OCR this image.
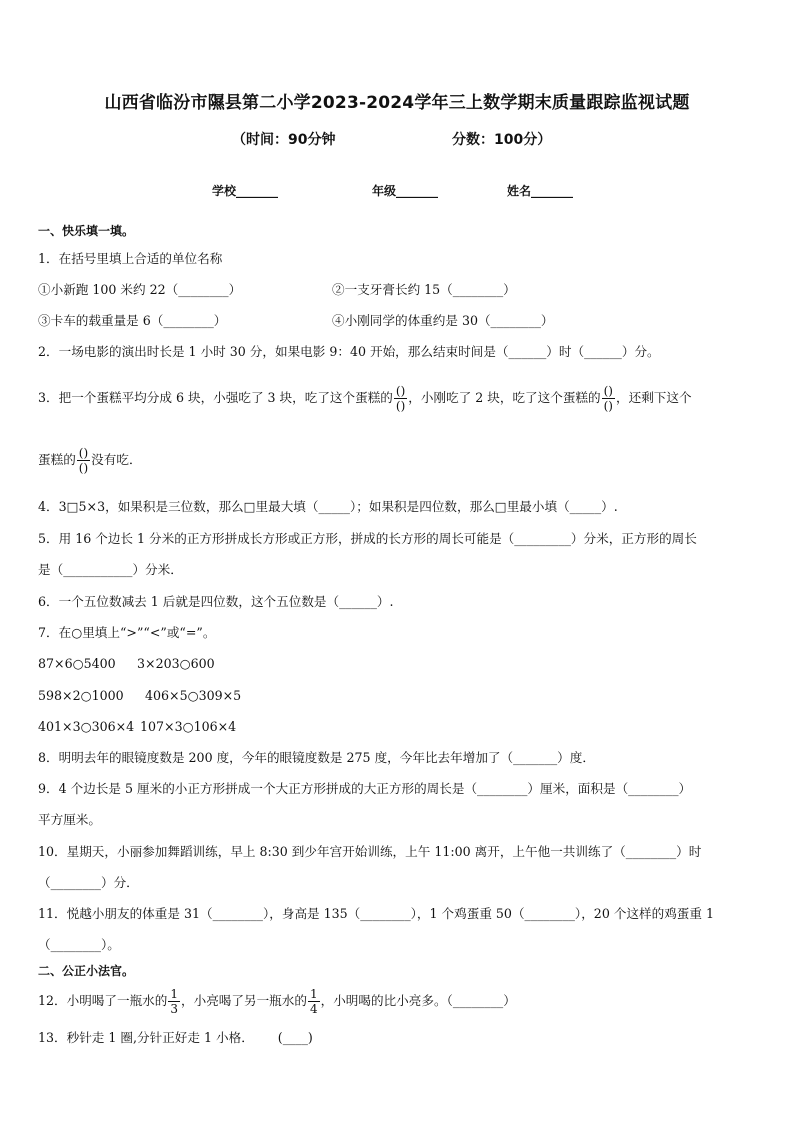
山西省临汾市隰县第二小学2023-2024学年三上数学期末质量跟踪监视试题
（时间：90分钟	分数：100分）
学校_______	年级_______	姓名_______
一、快乐填一填。
1．在括号里填上合适的单位名称
①小新跑 100 米约 22（________）	②一支牙膏长约 15（________）
③卡车的载重量是 6（________）	④小刚同学的体重约是 30（________）
2．一场电影的演出时长是 1 小时 30 分，如果电影 9：40 开始，那么结束时间是（______）时（______）分。
3．把一个蛋糕平均分成 6 块，小强吃了 3 块，吃了这个蛋糕的 $\frac{()}{()}$ ，小刚吃了 2 块，吃了这个蛋糕的 $\frac{()}{()}$ ，还剩下这个
蛋糕的 $\frac{()}{()}$ 没有吃．
4．3□5×3，如果积是三位数，那么□里最大填（_____）；如果积是四位数，那么□里最小填（_____）.
5．用 16 个边长 1 分米的正方形拼成长方形或正方形，拼成的长方形的周长可能是（_________）分米，正方形的周长
是（___________）分米．
6．一个五位数减去 1 后就是四位数，这个五位数是（______）.
7．在○里填上“>”“<”或“=”。
87×6○5400 3×203○600
598×2○1000 406×5○309×5
401×3○306×4 107×3○106×4
8．明明去年的眼镜度数是 200 度，今年的眼镜度数是 275 度，今年比去年增加了（_______）度．
9．4 个边长是 5 厘米的小正方形拼成一个大正方形拼成的大正方形的周长是（________）厘米，面积是（________）
平方厘米。
10．星期天，小丽参加舞蹈训练，早上 8:30 到少年宫开始训练，上午 11:00 离开，上午他一共训练了（________）时
（________）分．
11．悦越小朋友的体重是 31（________），身高是 135（________），1 个鸡蛋重 50（________），20 个这样的鸡蛋重 1
（________）。
二、公正小法官。
12．小明喝了一瓶水的 $\frac{1}{3}$ ，小亮喝了另一瓶水的 $\frac{1}{4}$ ，小明喝的比小亮多。（________）
13．秒针走 1 圈,分针正好走 1 小格．      (____)
